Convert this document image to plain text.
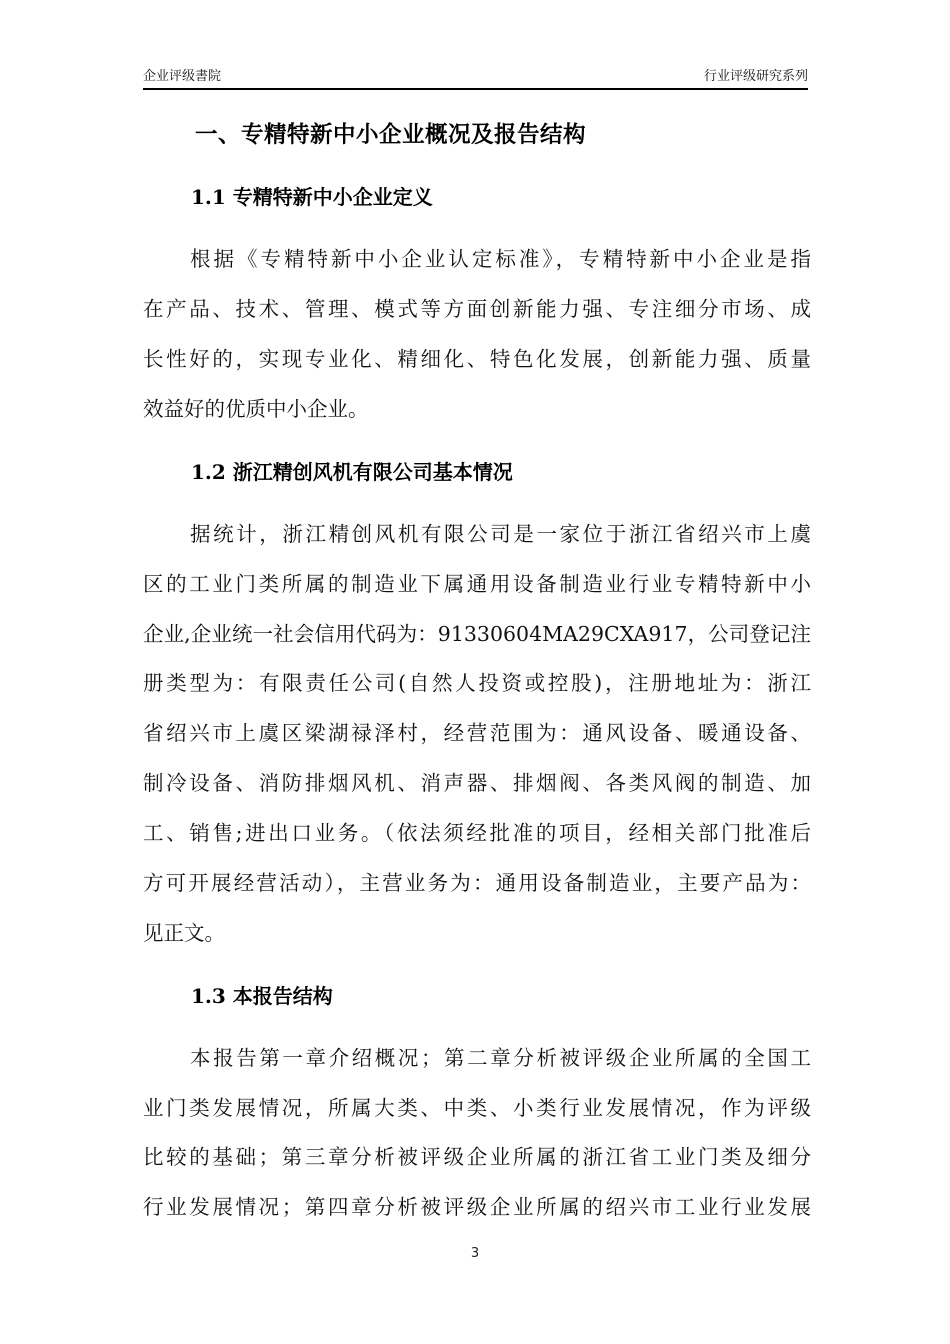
企业评级書院	行业评级研究系列
一、专精特新中小企业概况及报告结构
1.1 专精特新中小企业定义
根据《专精特新中小企业认定标准》，专精特新中小企业是指
在产品、技术、管理、模式等方面创新能力强、专注细分市场、成
长性好的，实现专业化、精细化、特色化发展，创新能力强、质量
效益好的优质中小企业。
1.2 浙江精创风机有限公司基本情况
据统计，浙江精创风机有限公司是一家位于浙江省绍兴市上虞
区的工业门类所属的制造业下属通用设备制造业行业专精特新中小
企业,企业统一社会信用代码为：91330604MA29CXA917，公司登记注
册类型为：有限责任公司(自然人投资或控股)，注册地址为：浙江
省绍兴市上虞区梁湖禄泽村，经营范围为：通风设备、暖通设备、
制冷设备、消防排烟风机、消声器、排烟阀、各类风阀的制造、加
工、销售;进出口业务。（依法须经批准的项目，经相关部门批准后
方可开展经营活动），主营业务为：通用设备制造业，主要产品为：
见正文。
1.3 本报告结构
本报告第一章介绍概况；第二章分析被评级企业所属的全国工
业门类发展情况，所属大类、中类、小类行业发展情况，作为评级
比较的基础；第三章分析被评级企业所属的浙江省工业门类及细分
行业发展情况；第四章分析被评级企业所属的绍兴市工业行业发展
3
